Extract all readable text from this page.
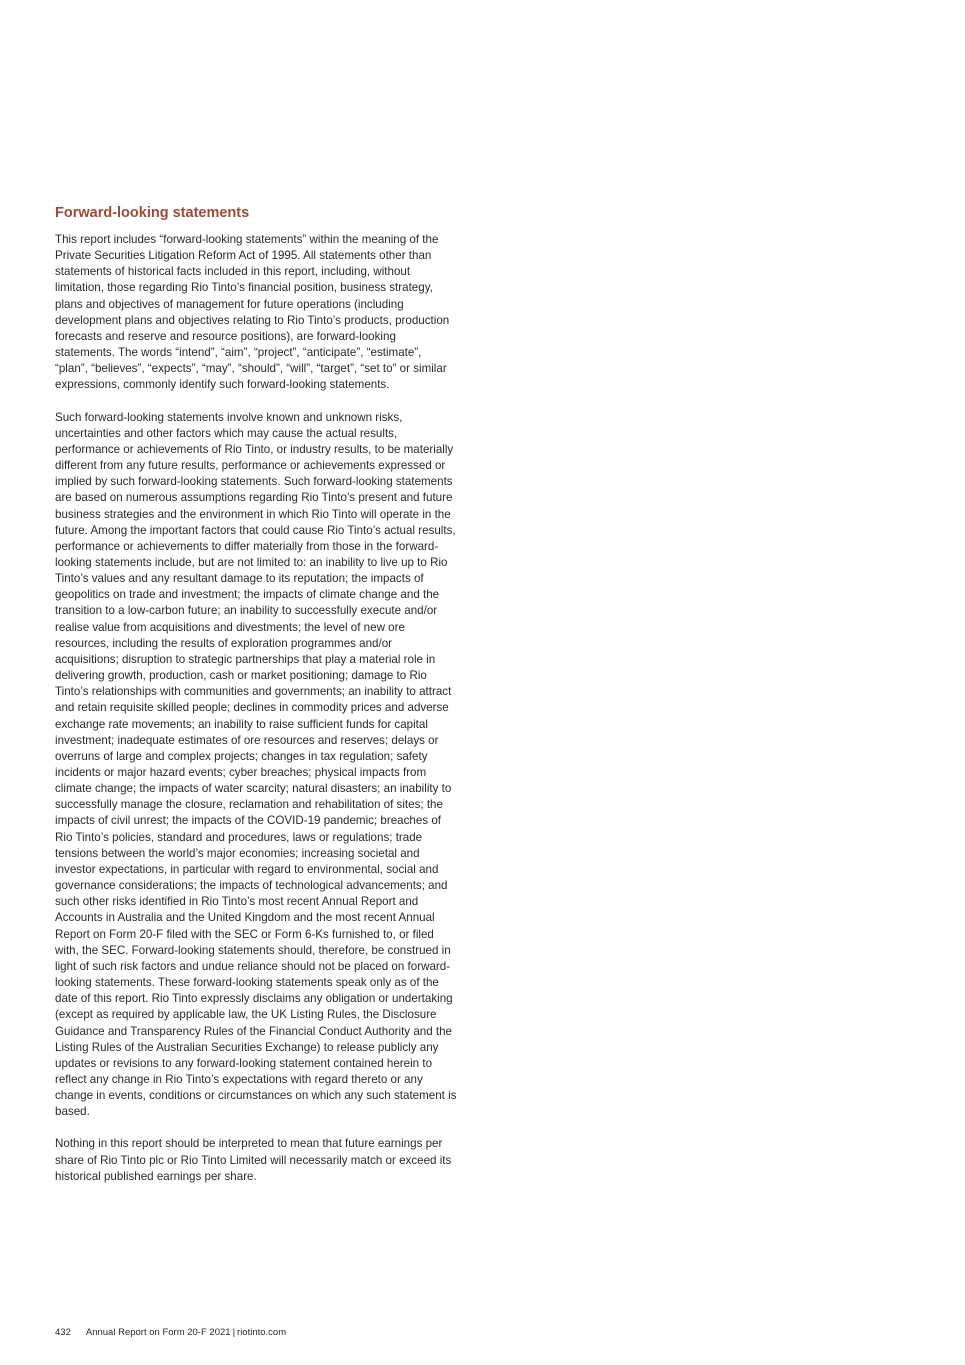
Forward-looking statements

This report includes “forward-looking statements” within the meaning of the Private Securities Litigation Reform Act of 1995. All statements other than statements of historical facts included in this report, including, without limitation, those regarding Rio Tinto’s financial position, business strategy, plans and objectives of management for future operations (including development plans and objectives relating to Rio Tinto’s products, production forecasts and reserve and resource positions), are forward-looking statements. The words “intend”, “aim”, “project”, “anticipate”, “estimate”, “plan”, “believes”, “expects”, “may”, “should”, “will”, “target”, “set to” or similar expressions, commonly identify such forward-looking statements.

Such forward-looking statements involve known and unknown risks, uncertainties and other factors which may cause the actual results, performance or achievements of Rio Tinto, or industry results, to be materially different from any future results, performance or achievements expressed or implied by such forward-looking statements. Such forward-looking statements are based on numerous assumptions regarding Rio Tinto’s present and future business strategies and the environment in which Rio Tinto will operate in the future. Among the important factors that could cause Rio Tinto’s actual results, performance or achievements to differ materially from those in the forward-looking statements include, but are not limited to: an inability to live up to Rio Tinto’s values and any resultant damage to its reputation; the impacts of geopolitics on trade and investment; the impacts of climate change and the transition to a low-carbon future; an inability to successfully execute and/or realise value from acquisitions and divestments; the level of new ore resources, including the results of exploration programmes and/or acquisitions; disruption to strategic partnerships that play a material role in delivering growth, production, cash or market positioning; damage to Rio Tinto’s relationships with communities and governments; an inability to attract and retain requisite skilled people; declines in commodity prices and adverse exchange rate movements; an inability to raise sufficient funds for capital investment; inadequate estimates of ore resources and reserves; delays or overruns of large and complex projects; changes in tax regulation; safety incidents or major hazard events; cyber breaches; physical impacts from climate change; the impacts of water scarcity; natural disasters; an inability to successfully manage the closure, reclamation and rehabilitation of sites; the impacts of civil unrest; the impacts of the COVID-19 pandemic; breaches of Rio Tinto’s policies, standard and procedures, laws or regulations; trade tensions between the world’s major economies; increasing societal and investor expectations, in particular with regard to environmental, social and governance considerations; the impacts of technological advancements; and such other risks identified in Rio Tinto’s most recent Annual Report and Accounts in Australia and the United Kingdom and the most recent Annual Report on Form 20-F filed with the SEC or Form 6-Ks furnished to, or filed with, the SEC. Forward-looking statements should, therefore, be construed in light of such risk factors and undue reliance should not be placed on forward-looking statements. These forward-looking statements speak only as of the date of this report. Rio Tinto expressly disclaims any obligation or undertaking (except as required by applicable law, the UK Listing Rules, the Disclosure Guidance and Transparency Rules of the Financial Conduct Authority and the Listing Rules of the Australian Securities Exchange) to release publicly any updates or revisions to any forward-looking statement contained herein to reflect any change in Rio Tinto’s expectations with regard thereto or any change in events, conditions or circumstances on which any such statement is based.

Nothing in this report should be interpreted to mean that future earnings per share of Rio Tinto plc or Rio Tinto Limited will necessarily match or exceed its historical published earnings per share.

432 Annual Report on Form 20-F 2021 | riotinto.com
